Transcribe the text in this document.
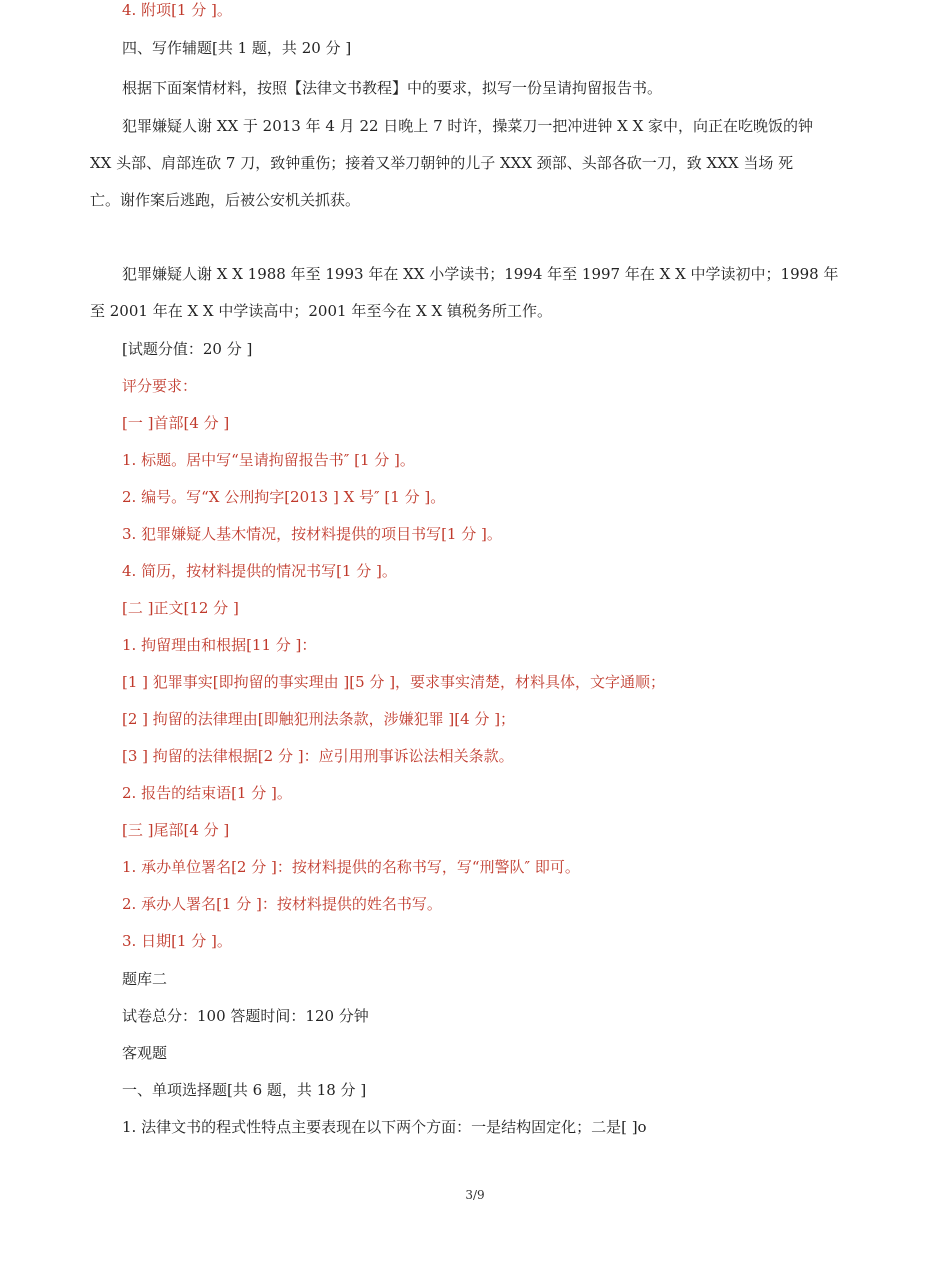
4. 附项[1 分 ]。
四、写作辅题[共 1 题，共 20 分 ]
根据下面案情材料，按照【法律文书教程】中的要求，拟写一份呈请拘留报告书。
犯罪嫌疑人谢 XX 于 2013 年 4 月 22 日晚上 7 时许，操菜刀一把冲进钟 X X 家中，向正在吃晚饭的钟
XX 头部、肩部连砍 7 刀，致钟重伤；接着又举刀朝钟的儿子 XXX 颈部、头部各砍一刀，致 XXX 当场 死
亡。谢作案后逃跑，后被公安机关抓获。
犯罪嫌疑人谢 X X 1988 年至 1993 年在 XX 小学读书；1994 年至 1997 年在 X X 中学读初中；1998 年
至 2001 年在 X X 中学读高中；2001 年至今在 X X 镇税务所工作。
[试题分值：20 分 ]
评分要求：
[一 ]首部[4 分 ]
1. 标题。居中写“呈请拘留报告书″ [1 分 ]。
2. 编号。写“X 公刑拘字[2013 ] X 号″ [1 分 ]。
3. 犯罪嫌疑人基木情况，按材料提供的项目书写[1 分 ]。
4. 简历，按材料提供的情况书写[1 分 ]。
[二 ]正文[12 分 ]
1. 拘留理由和根据[11 分 ]：
[1 ] 犯罪事实[即拘留的事实理由 ][5 分 ]，要求事实清楚，材料具体，文字通顺；
[2 ] 拘留的法律理由[即触犯刑法条款，涉嫌犯罪 ][4 分 ]；
[3 ] 拘留的法律根据[2 分 ]：应引用刑事诉讼法相关条款。
2. 报告的结束语[1 分 ]。
[三 ]尾部[4 分 ]
1. 承办单位署名[2 分 ]：按材料提供的名称书写，写“刑警队″ 即可。
2. 承办人署名[1 分 ]：按材料提供的姓名书写。
3. 日期[1 分 ]。
题库二
试卷总分：100 答题时间：120 分钟
客观题
一、单项选择题[共 6 题，共 18 分 ]
1. 法律文书的程式性特点主要表现在以下两个方面：一是结构固定化；二是[ ]o
3/9
